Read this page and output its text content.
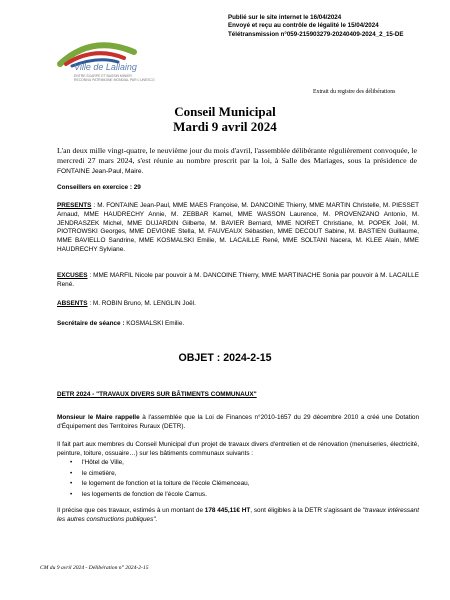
Publié sur le site internet le 16/04/2024
Envoyé et reçu au contrôle de légalité le 15/04/2024
Télétransmission n°059-215903279-20240409-2024_2_15-DE
Ville de Lallaing
ENTRE SCARPE ET BASSIN MINIER
RECONNU PATRIMOINE MONDIAL PAR L'UNESCO
Extrait du registre des délibérations
Conseil Municipal
Mardi 9 avril 2024
L'an deux mille vingt-quatre, le neuvième jour du mois d'avril, l'assemblée délibérante régulièrement convoquée, le mercredi 27 mars 2024, s'est réunie au nombre prescrit par la loi, à Salle des Mariages, sous la présidence de FONTAINE Jean-Paul, Maire.
Conseillers en exercice : 29
PRESENTS : M. FONTAINE Jean-Paul, MME MAES Françoise, M. DANCOINE Thierry, MME MARTIN Christelle, M. PIESSET Arnaud, MME HAUDRECHY Annie, M. ZEBBAR Kamel, MME WASSON Laurence, M. PROVENZANO Antonio, M. JENDRASZEK Michel, MME DUJARDIN Gilberte, M. BAVIER Bernard, MME NOIRET Christiane, M. POPEK Joël, M. PIOTROWSKI Georges, MME DEVIGNE Stella, M. FAUVEAUX Sébastien, MME DECOUT Sabine, M. BASTIEN Guillaume, MME BAVIELLO Sandrine, MME KOSMALSKI Emilie, M. LACAILLE René, MME SOLTANI Nacera, M. KLEE Alain, MME HAUDRECHY Sylviane.
EXCUSES : MME MARFIL Nicole par pouvoir à M. DANCOINE Thierry, MME MARTINACHE Sonia par pouvoir à M. LACAILLE René.
ABSENTS : M. ROBIN Bruno, M. LENGLIN Joël.
Secrétaire de séance : KOSMALSKI Emilie.
OBJET : 2024-2-15
DETR 2024 - "TRAVAUX DIVERS SUR BÂTIMENTS COMMUNAUX"
Monsieur le Maire rappelle à l'assemblée que la Loi de Finances n°2010-1657 du 29 décembre 2010 a créé une Dotation d'Équipement des Territoires Ruraux (DETR).
Il fait part aux membres du Conseil Municipal d'un projet de travaux divers d'entretien et de rénovation (menuiseries, électricité, peinture, toiture, ossuaire…) sur les bâtiments communaux suivants :
• l'Hôtel de Ville,
• le cimetière,
• le logement de fonction et la toiture de l'école Clémenceau,
• les logements de fonction de l'école Camus.
Il précise que ces travaux, estimés à un montant de 178 445,11€ HT, sont éligibles à la DETR s'agissant de "travaux intéressant les autres constructions publiques".
CM du 9 avril 2024 - Délibération n° 2024-2-15
